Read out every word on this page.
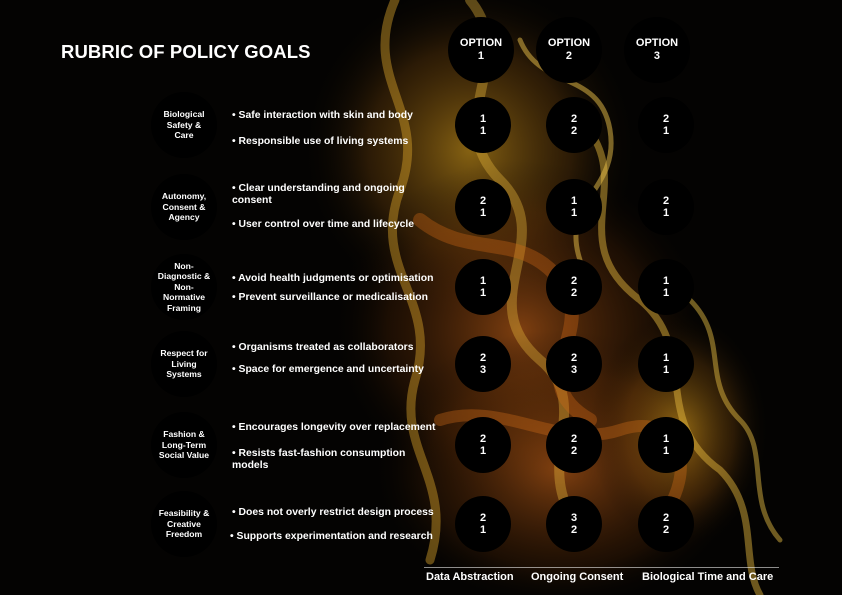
RUBRIC OF POLICY GOALS	OPTION
1
OPTION
2
OPTION
3
Biological
Safety &
Care
• Safe interaction with skin and body
• Responsible use of living systems
1
1
2
2
2
1
Autonomy,
Consent &
Agency
• Clear understanding and ongoing
consent
• User control over time and lifecycle
2
1
1
1
2
1
Non-
Diagnostic &
Non-
Normative
Framing
• Avoid health judgments or optimisation
• Prevent surveillance or medicalisation
1
1
2
2
1
1
Respect for
Living
Systems
• Organisms treated as collaborators
• Space for emergence and uncertainty
2
3
2
3
1
1
Fashion &
Long-Term
Social Value
• Encourages longevity over replacement
• Resists fast-fashion consumption
models
2
1
2
2
1
1
Feasibility &
Creative
Freedom
• Does not overly restrict design process
• Supports experimentation and research
2
1
3
2
2
2
Data Abstraction Ongoing Consent Biological Time and Care
